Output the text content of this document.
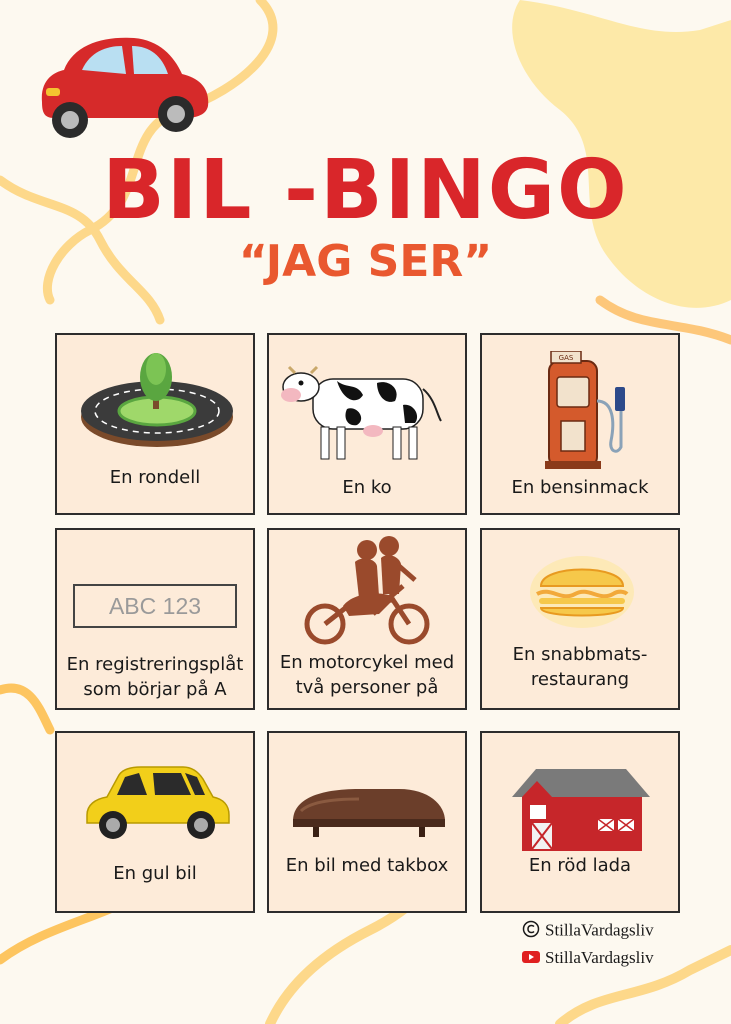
BIL -BINGO
“JAG SER”
En rondell	En ko
GAS
En bensinmack
ABC 123
En registreringsplåt som börjar på A
En motorcykel med två personer på
En snabbmats-restaurang
En gul bil	En bil med takbox	En röd lada
StillaVardagsliv
StillaVardagsliv
